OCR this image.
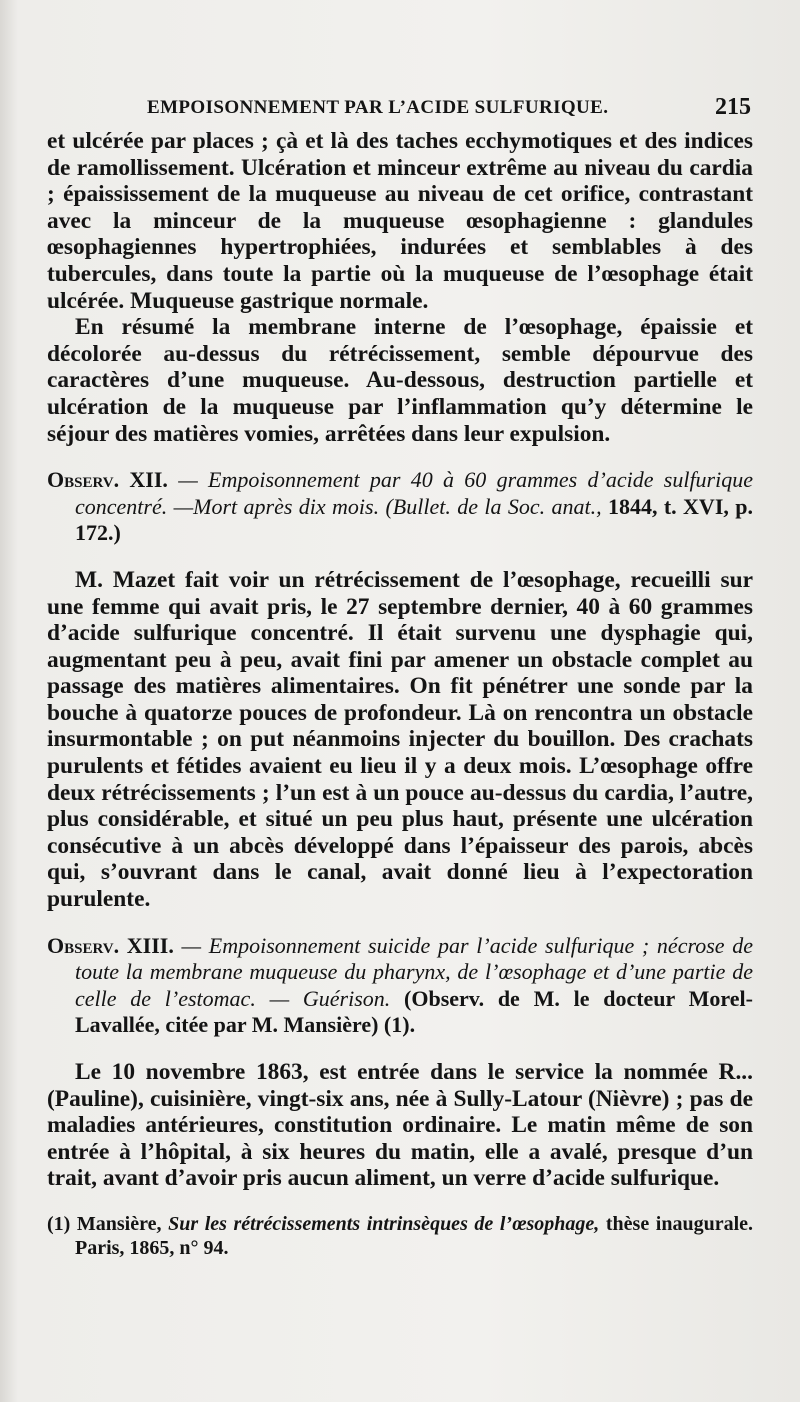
EMPOISONNEMENT PAR L’ACIDE SULFURIQUE.	215

et ulcérée par places ; çà et là des taches ecchymotiques et des indices de ramollissement. Ulcération et minceur extrême au niveau du cardia ; épaississement de la muqueuse au niveau de cet orifice, contrastant avec la minceur de la muqueuse œsophagienne : glandules œsophagiennes hypertrophiées, indurées et semblables à des tubercules, dans toute la partie où la muqueuse de l’œsophage était ulcérée. Muqueuse gastrique normale.

En résumé la membrane interne de l’œsophage, épaissie et décolorée au-dessus du rétrécissement, semble dépourvue des caractères d’une muqueuse. Au-dessous, destruction partielle et ulcération de la muqueuse par l’inflammation qu’y détermine le séjour des matières vomies, arrêtées dans leur expulsion.

Observ. XII. — Empoisonnement par 40 à 60 grammes d’acide sulfurique concentré. —Mort après dix mois. (Bullet. de la Soc. anat., 1844, t. XVI, p. 172.)

M. Mazet fait voir un rétrécissement de l’œsophage, recueilli sur une femme qui avait pris, le 27 septembre dernier, 40 à 60 grammes d’acide sulfurique concentré. Il était survenu une dysphagie qui, augmentant peu à peu, avait fini par amener un obstacle complet au passage des matières alimentaires. On fit pénétrer une sonde par la bouche à quatorze pouces de profondeur. Là on rencontra un obstacle insurmontable ; on put néanmoins injecter du bouillon. Des crachats purulents et fétides avaient eu lieu il y a deux mois. L’œsophage offre deux rétrécissements ; l’un est à un pouce au-dessus du cardia, l’autre, plus considérable, et situé un peu plus haut, présente une ulcération consécutive à un abcès développé dans l’épaisseur des parois, abcès qui, s’ouvrant dans le canal, avait donné lieu à l’expectoration purulente.

Observ. XIII. — Empoisonnement suicide par l’acide sulfurique ; nécrose de toute la membrane muqueuse du pharynx, de l’œsophage et d’une partie de celle de l’estomac. — Guérison. (Observ. de M. le docteur Morel-Lavallée, citée par M. Mansière) (1).

Le 10 novembre 1863, est entrée dans le service la nommée R... (Pauline), cuisinière, vingt-six ans, née à Sully-Latour (Nièvre) ; pas de maladies antérieures, constitution ordinaire. Le matin même de son entrée à l’hôpital, à six heures du matin, elle a avalé, presque d’un trait, avant d’avoir pris aucun aliment, un verre d’acide sulfurique.

(1) Mansière, Sur les rétrécissements intrinsèques de l’œsophage, thèse inaugurale. Paris, 1865, n° 94.
